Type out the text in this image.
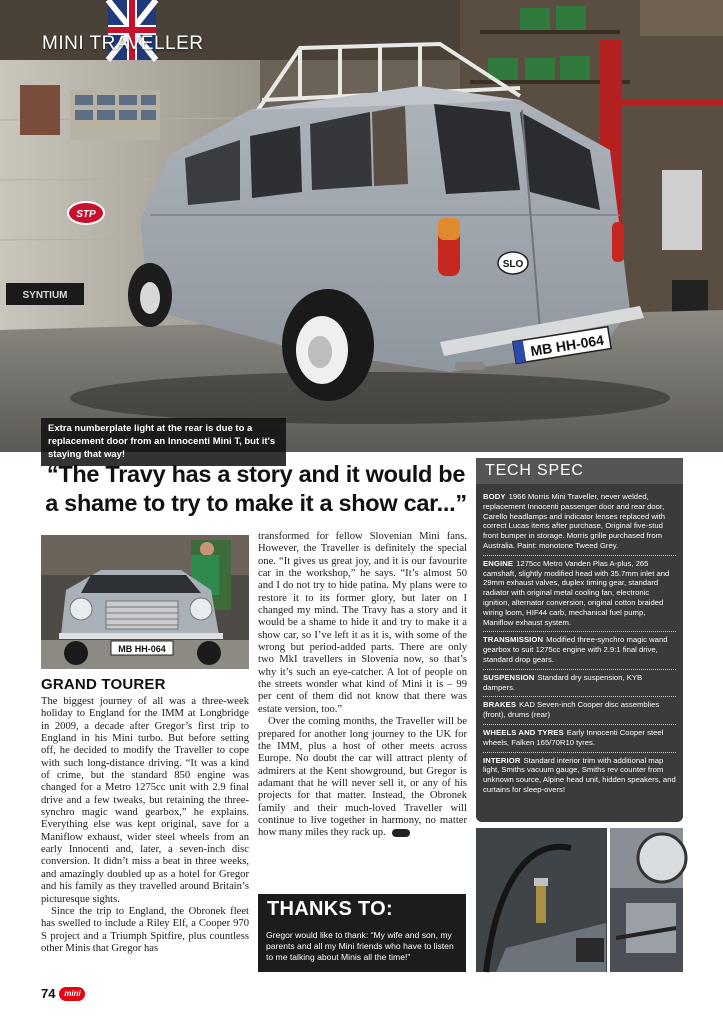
STP
SYNTIUM
SLO
MB HH-064
MINI TRAVELLER
Extra numberplate light at the rear is due to a replacement door from an Innocenti Mini T, but it's staying that way!
“The Travy has a story and it would be a shame to try to make it a show car...”
MB HH-064
GRAND TOURER

The biggest journey of all was a three-week holiday to England for the IMM at Longbridge in 2009, a decade after Gregor’s first trip to England in his Mini turbo. But before setting off, he decided to modify the Traveller to cope with such long-distance driving. “It was a kind of crime, but the standard 850 engine was changed for a Metro 1275cc unit with 2.9 final drive and a few tweaks, but retaining the three-synchro magic wand gearbox,” he explains. Everything else was kept original, save for a Maniflow exhaust, wider steel wheels from an early Innocenti and, later, a seven-inch disc conversion. It didn’t miss a beat in three weeks, and amazingly doubled up as a hotel for Gregor and his family as they travelled around Britain’s picturesque sights.

Since the trip to England, the Obronek fleet has swelled to include a Riley Elf, a Cooper 970 S project and a Triumph Spitfire, plus countless other Minis that Gregor has

transformed for fellow Slovenian Mini fans. However, the Traveller is definitely the special one. “It gives us great joy, and it is our favourite car in the workshop,” he says. “It’s almost 50 and I do not try to hide patina. My plans were to restore it to its former glory, but later on I changed my mind. The Travy has a story and it would be a shame to hide it and try to make it a show car, so I’ve left it as it is, with some of the wrong but period-added parts. There are only two MkI travellers in Slovenia now, so that’s why it’s such an eye-catcher. A lot of people on the streets wonder what kind of Mini it is – 99 per cent of them did not know that there was estate version, too.”

Over the coming months, the Traveller will be prepared for another long journey to the UK for the IMM, plus a host of other meets across Europe. No doubt the car will attract plenty of admirers at the Kent showground, but Gregor is adamant that he will never sell it, or any of his projects for that matter. Instead, the Obronek family and their much-loved Traveller will continue to live together in harmony, no matter how many miles they rack up.

THANKS TO:
Gregor would like to thank: “My wife and son, my parents and all my Mini friends who have to listen to me talking about Minis all the time!”
TECH SPEC
BODY 1966 Morris Mini Traveller, never welded, replacement Innocenti passenger door and rear door, Carello headlamps and indicator lenses replaced with correct Lucas items after purchase, Original five-stud front bumper in storage. Morris grille purchased from Australia. Paint: monotone Tweed Grey.
ENGINE 1275cc Metro Vanden Plas A-plus, 265 camshaft, slightly modified head with 35.7mm inlet and 29mm exhaust valves, duplex timing gear, standard radiator with original metal cooling fan, electronic ignition, alternator conversion, original cotton braided wiring loom, HIF44 carb, mechanical fuel pump, Maniflow exhaust system.
TRANSMISSION Modified three-synchro magic wand gearbox to suit 1275cc engine with 2.9:1 final drive, standard drop gears.
SUSPENSION Standard dry suspension, KYB dampers.
BRAKES KAD Seven-inch Cooper disc assemblies (front), drums (rear)
WHEELS AND TYRES Early Innocenti Cooper steel wheels, Falken 165/70R10 tyres.
INTERIOR Standard interior trim with additional map light, Smiths vacuum gauge, Smiths rev counter from unknown source, Alpine head unit, hidden speakers, and curtains for sleep-overs!
74	mini
